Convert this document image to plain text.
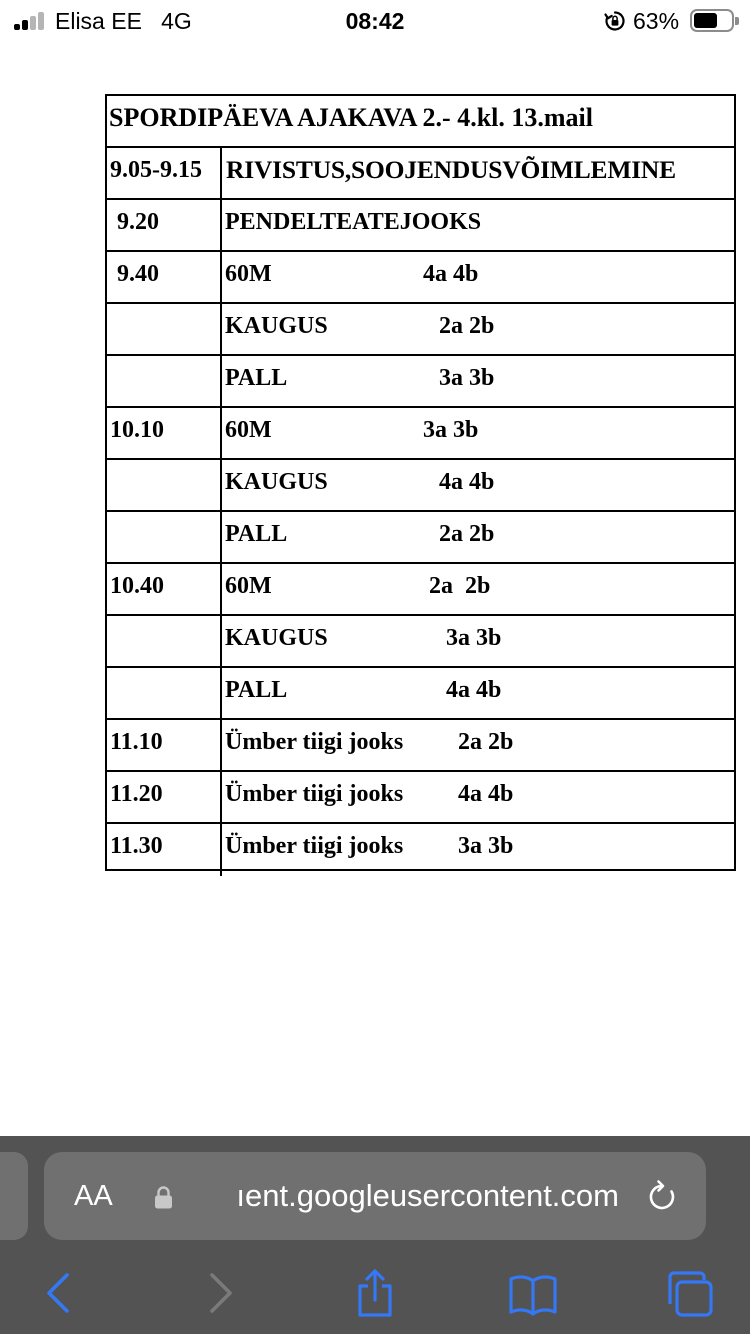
Elisa EE 4G	08:42	63%
SPORDIPÄEVA AJAKAVA 2.- 4.kl. 13.mail
9.05-9.15 RIVISTUS,SOOJENDUSVÕIMLEMINE
9.20	PENDELTEATEJOOKS
9.40	60M	4a 4b
KAUGUS	2a 2b
PALL	3a 3b
10.10	60M	3a 3b
KAUGUS	4a 4b
PALL	2a 2b
10.40	60M	2a  2b
KAUGUS	3a 3b
PALL	4a 4b
11.10	Ümber tiigi jooks 2a 2b
11.20	Ümber tiigi jooks 4a 4b
11.30	Ümber tiigi jooks 3a 3b
AA	ıent.googleusercontent.com
